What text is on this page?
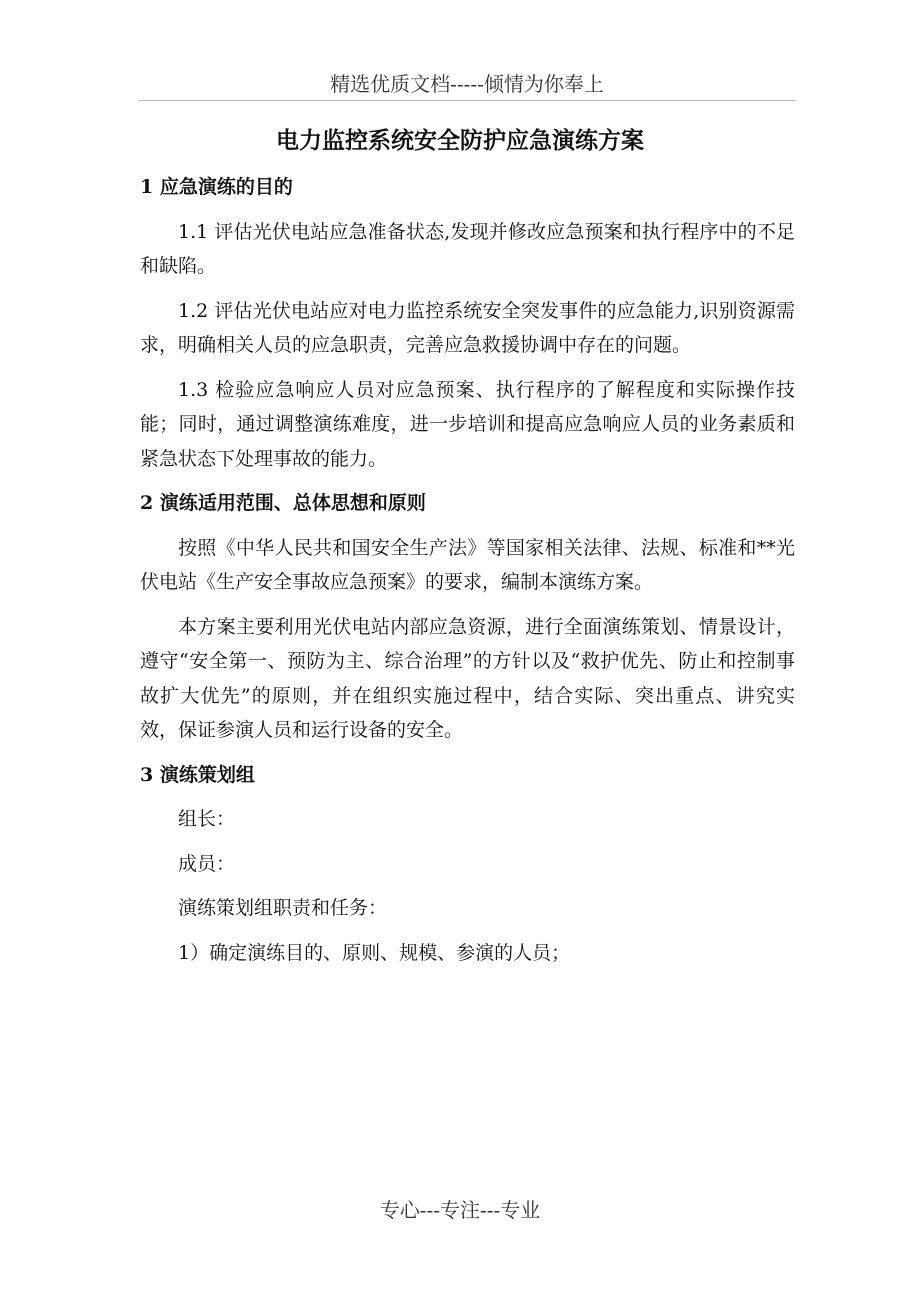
精选优质文档-----倾情为你奉上
电力监控系统安全防护应急演练方案
1 应急演练的目的
1.1 评估光伏电站应急准备状态,发现并修改应急预案和执行程序中的不足和缺陷。
1.2 评估光伏电站应对电力监控系统安全突发事件的应急能力,识别资源需求，明确相关人员的应急职责，完善应急救援协调中存在的问题。
1.3 检验应急响应人员对应急预案、执行程序的了解程度和实际操作技能；同时，通过调整演练难度，进一步培训和提高应急响应人员的业务素质和紧急状态下处理事故的能力。
2 演练适用范围、总体思想和原则
按照《中华人民共和国安全生产法》等国家相关法律、法规、标准和**光伏电站《生产安全事故应急预案》的要求，编制本演练方案。
本方案主要利用光伏电站内部应急资源，进行全面演练策划、情景设计，遵守“安全第一、预防为主、综合治理”的方针以及“救护优先、防止和控制事故扩大优先”的原则，并在组织实施过程中，结合实际、突出重点、讲究实效，保证参演人员和运行设备的安全。
3 演练策划组
组长：
成员：
演练策划组职责和任务：
1）确定演练目的、原则、规模、参演的人员；
专心---专注---专业
